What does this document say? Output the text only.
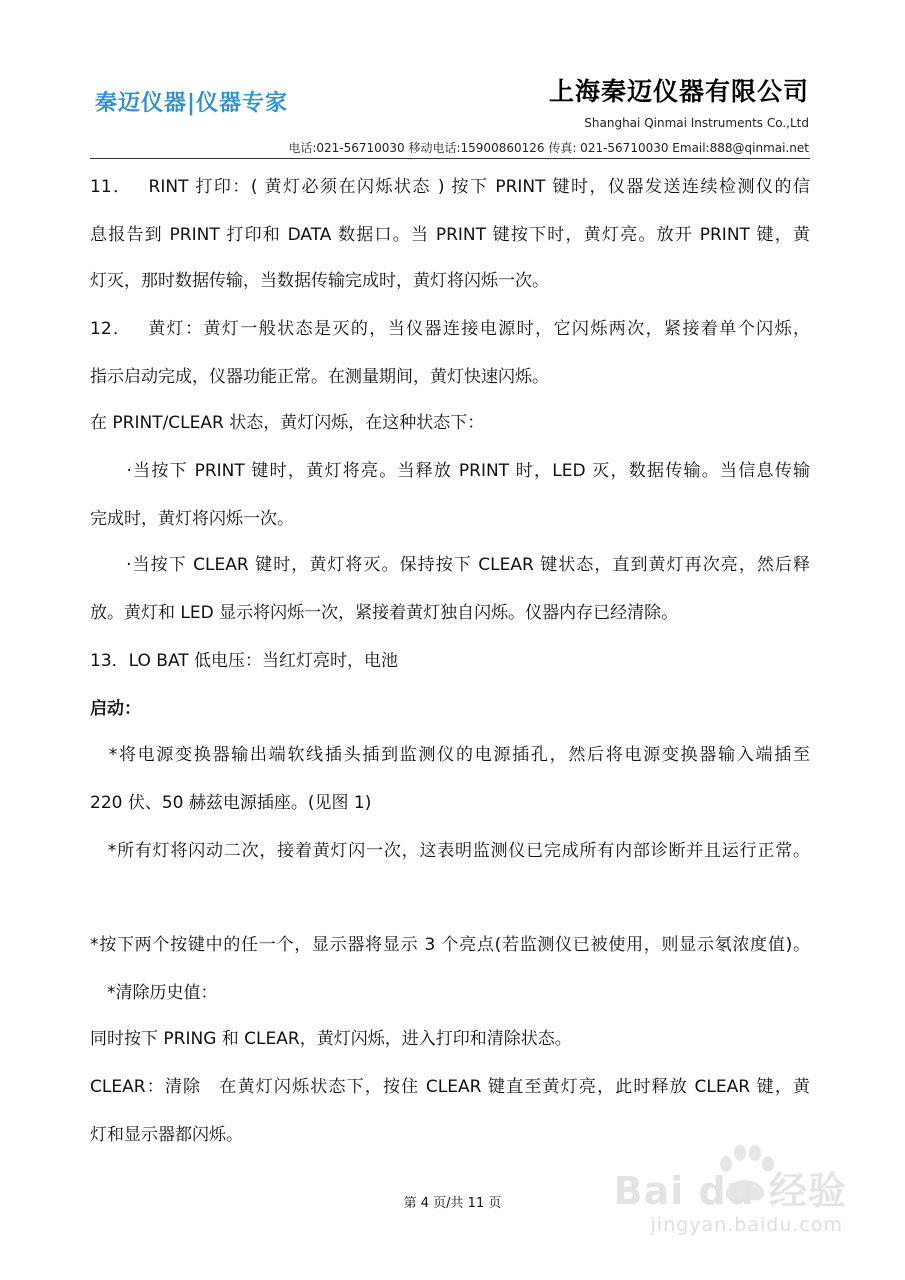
秦迈仪器|仪器专家	上海秦迈仪器有限公司
Shanghai Qinmai Instruments Co.,Ltd
电话:021-56710030 移动电话:15900860126 传真: 021-56710030 Email:888@qinmai.net
11．　 RINT 打印：( 黄灯必须在闪烁状态 ) 按下 PRINT 键时，仪器发送连续检测仪的信
息报告到 PRINT 打印和 DATA 数据口。当 PRINT 键按下时，黄灯亮。放开 PRINT 键，黄
灯灭，那时数据传输，当数据传输完成时，黄灯将闪烁一次。
12．　 黄灯：黄灯一般状态是灭的，当仪器连接电源时，它闪烁两次，紧接着单个闪烁，
指示启动完成，仪器功能正常。在测量期间，黄灯快速闪烁。
在 PRINT/CLEAR 状态，黄灯闪烁，在这种状态下：
　　·当按下 PRINT 键时，黄灯将亮。当释放 PRINT 时，LED 灭，数据传输。当信息传输
完成时，黄灯将闪烁一次。
　　·当按下 CLEAR 键时，黄灯将灭。保持按下 CLEAR 键状态，直到黄灯再次亮，然后释
放。黄灯和 LED 显示将闪烁一次，紧接着黄灯独自闪烁。仪器内存已经清除。
13．LO BAT 低电压：当红灯亮时，电池
启动：
　*将电源变换器输出端软线插头插到监测仪的电源插孔，然后将电源变换器输入端插至
220 伏、50 赫兹电源插座。(见图 1)
　*所有灯将闪动二次，接着黄灯闪一次，这表明监测仪已完成所有内部诊断并且运行正常。
*按下两个按键中的任一个，显示器将显示 3 个亮点(若监测仪已被使用，则显示氡浓度值)。
　*清除历史值：
同时按下 PRING 和 CLEAR，黄灯闪烁，进入打印和清除状态。
CLEAR：清除　在黄灯闪烁状态下，按住 CLEAR 键直至黄灯亮，此时释放 CLEAR 键，黄
灯和显示器都闪烁。
第 4 页/共 11 页	Bai du 经验
jingyan.baidu.com
